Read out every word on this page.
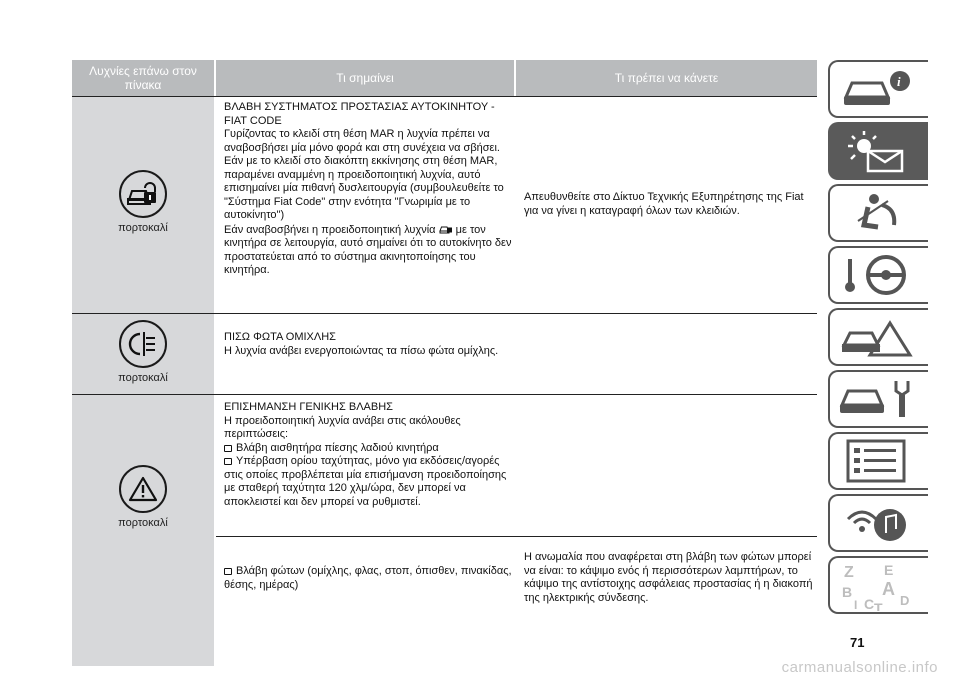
Λυχνίες επάνω στον πίνακα	Τι σημαίνει	Τι πρέπει να κάνετε
πορτοκαλί
ΒΛΑΒΗ ΣΥΣΤΗΜΑΤΟΣ ΠΡΟΣΤΑΣΙΑΣ ΑΥΤΟΚΙΝΗΤΟΥ - FIAT CODE
Γυρίζοντας το κλειδί στη θέση MAR η λυχνία πρέπει να αναβοσβήσει μία μόνο φορά και στη συνέχεια να σβήσει.
Εάν με το κλειδί στο διακόπτη εκκίνησης στη θέση MAR, παραμένει αναμμένη η προειδοποιητική λυχνία, αυτό επισημαίνει μία πιθανή δυσλειτουργία (συμβουλευθείτε το "Σύστημα Fiat Code" στην ενότητα "Γνωριμία με το αυτοκίνητο")
Εάν αναβοσβήνει η προειδοποιητική λυχνία με τον κινητήρα σε λειτουργία, αυτό σημαίνει ότι το αυτοκίνητο δεν προστατεύεται από το σύστημα ακινητοποίησης του κινητήρα.
Απευθυνθείτε στο Δίκτυο Τεχνικής Εξυπηρέτησης της Fiat για να γίνει η καταγραφή όλων των κλειδιών.
πορτοκαλί
ΠΙΣΩ ΦΩΤΑ ΟΜΙΧΛΗΣ
Η λυχνία ανάβει ενεργοποιώντας τα πίσω φώτα ομίχλης.
πορτοκαλί
ΕΠΙΣΗΜΑΝΣΗ ΓΕΝΙΚΗΣ ΒΛΑΒΗΣ
Η προειδοποιητική λυχνία ανάβει στις ακόλουθες περιπτώσεις:
Βλάβη αισθητήρα πίεσης λαδιού κινητήρα
Υπέρβαση ορίου ταχύτητας, μόνο για εκδόσεις/αγορές στις οποίες προβλέπεται μία επισήμανση προειδοποίησης με σταθερή ταχύτητα 120 χλμ/ώρα, δεν μπορεί να αποκλειστεί και δεν μπορεί να ρυθμιστεί.
Βλάβη φώτων (ομίχλης, φλας, στοπ, όπισθεν, πινακίδας, θέσης, ημέρας)
Η ανωμαλία που αναφέρεται στη βλάβη των φώτων μπορεί να είναι: το κάψιμο ενός ή περισσότερων λαμπτήρων, το κάψιμο της αντίστοιχης ασφάλειας προστασίας ή η διακοπή της ηλεκτρικής σύνδεσης.
i
Z E
B A
I C D
T
71
carmanualsonline.info
